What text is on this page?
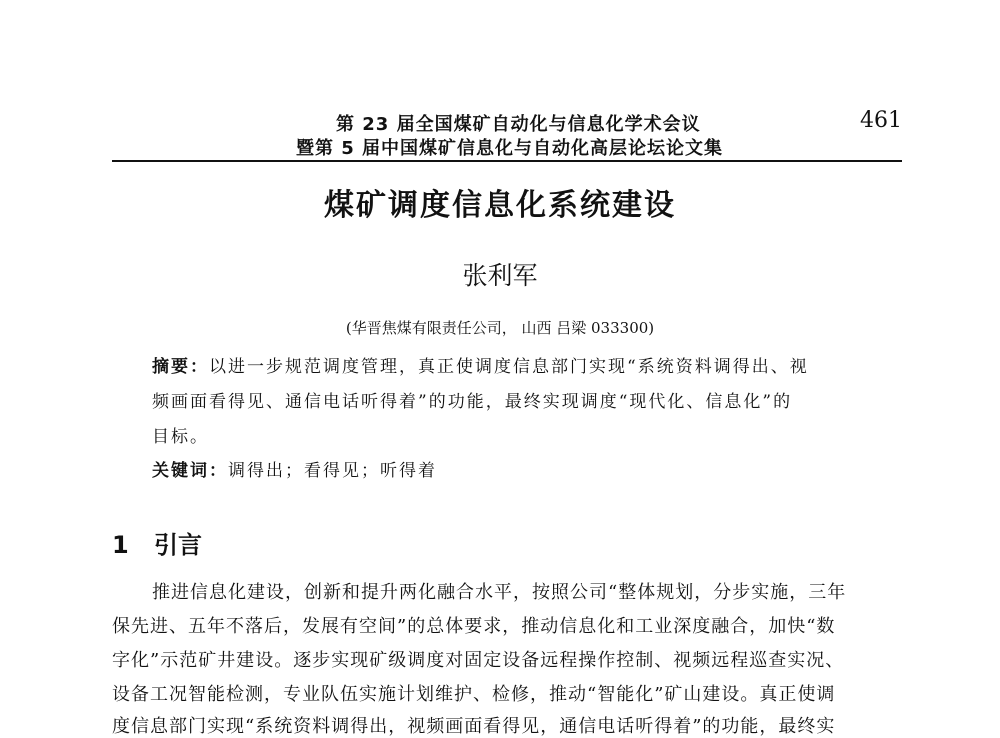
第 23 届全国煤矿自动化与信息化学术会议
暨第 5 届中国煤矿信息化与自动化高层论坛论文集
461
煤矿调度信息化系统建设
张利军
(华晋焦煤有限责任公司， 山西 吕梁 033300)
摘要：以进一步规范调度管理，真正使调度信息部门实现“系统资料调得出、视
频画面看得见、通信电话听得着”的功能，最终实现调度“现代化、信息化”的
目标。
关键词：调得出；看得见；听得着
1 引言
推进信息化建设，创新和提升两化融合水平，按照公司“整体规划，分步实施，三年
保先进、五年不落后，发展有空间”的总体要求，推动信息化和工业深度融合，加快“数
字化”示范矿井建设。逐步实现矿级调度对固定设备远程操作控制、视频远程巡查实况、
设备工况智能检测，专业队伍实施计划维护、检修，推动“智能化”矿山建设。真正使调
度信息部门实现“系统资料调得出，视频画面看得见，通信电话听得着”的功能，最终实
